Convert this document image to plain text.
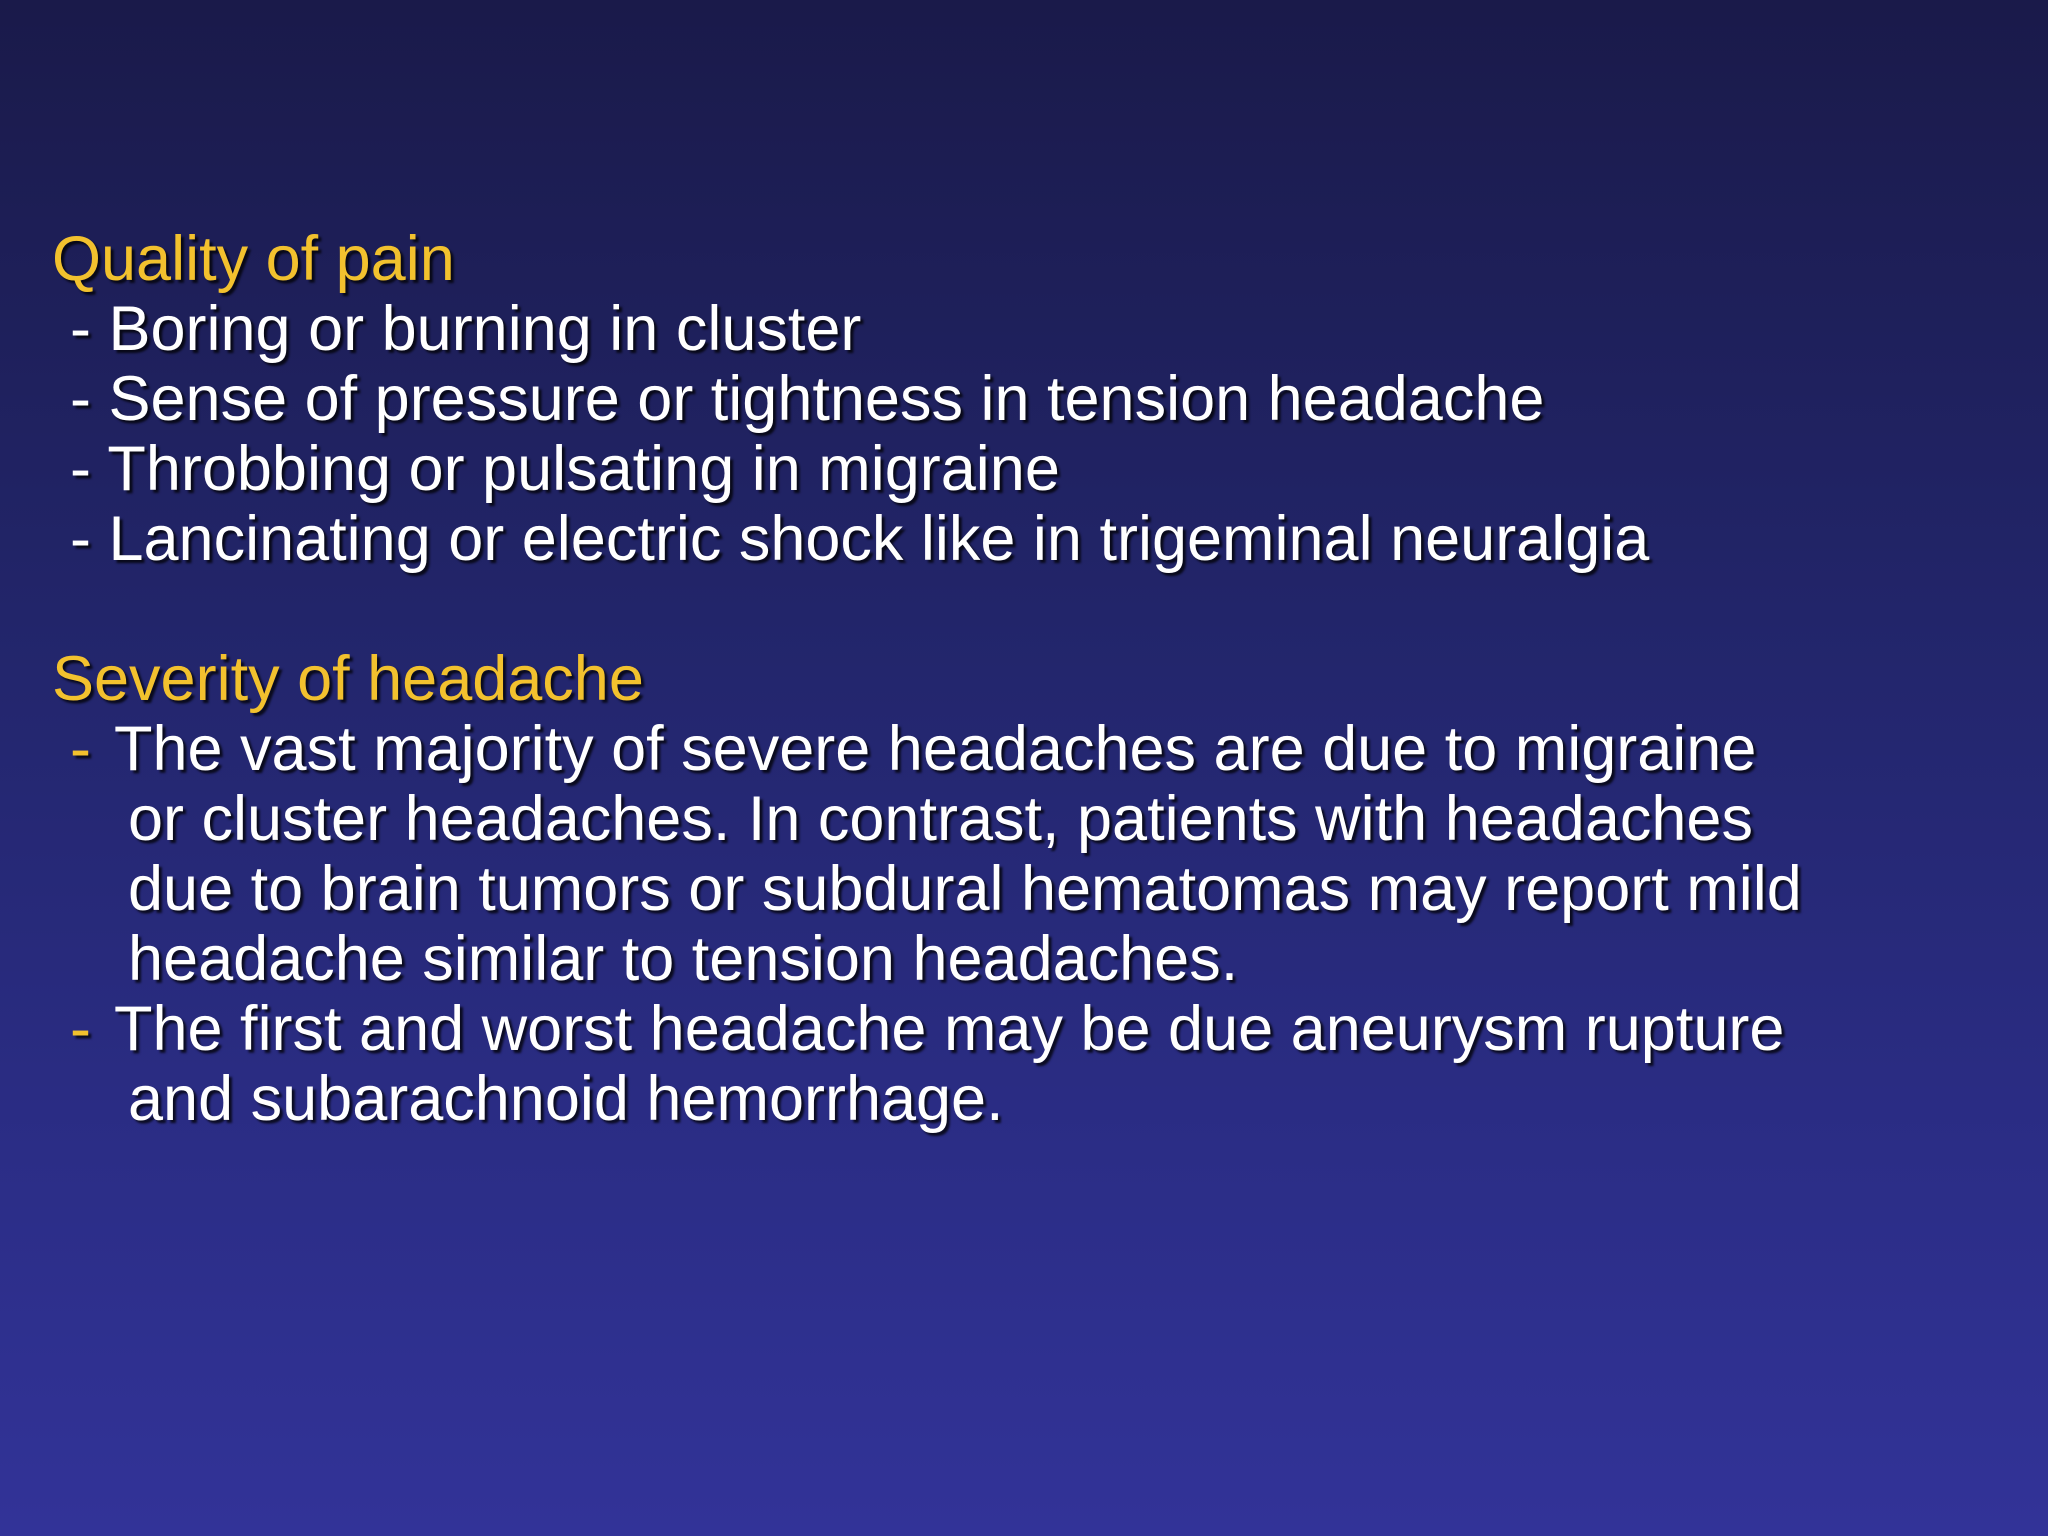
Quality of pain
- Boring or burning in cluster
- Sense of pressure or tightness in tension headache
- Throbbing or pulsating in migraine
- Lancinating or electric shock like in trigeminal neuralgia
Severity of headache
- The vast majority of severe headaches are due to migraine
or cluster headaches. In contrast, patients with headaches
due to brain tumors or subdural hematomas may report mild
headache similar to tension headaches.
- The first and worst headache may be due aneurysm rupture
and subarachnoid hemorrhage.
